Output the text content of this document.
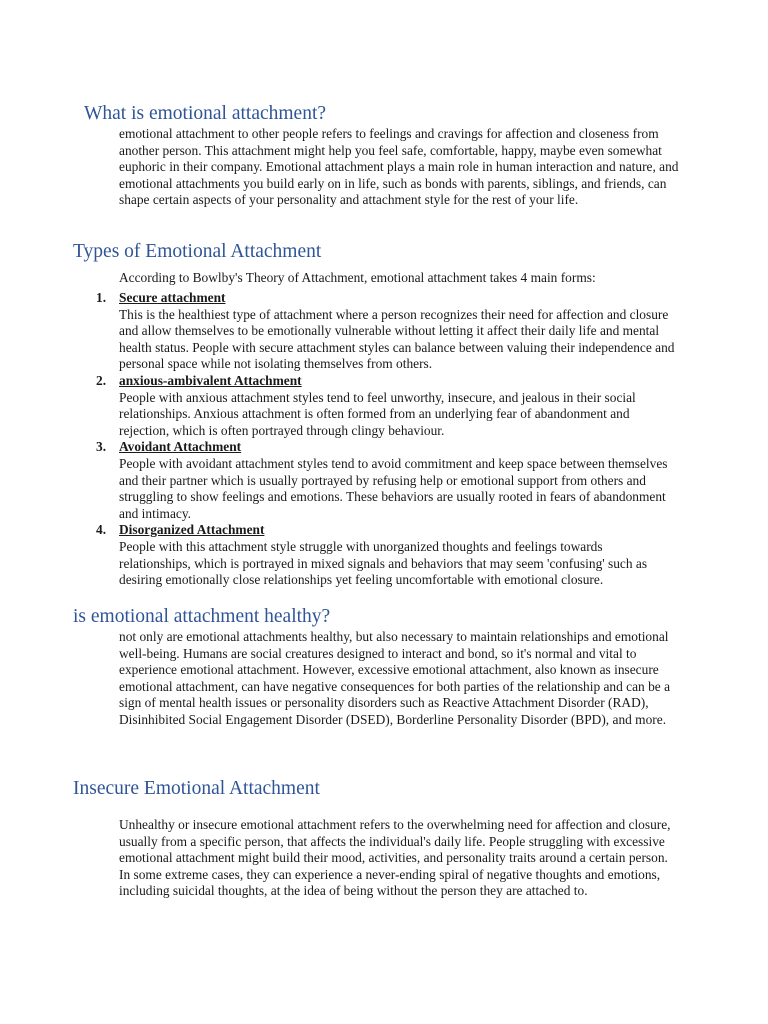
What is emotional attachment?

emotional attachment to other people refers to feelings and cravings for affection and closeness from another person. This attachment might help you feel safe, comfortable, happy, maybe even somewhat euphoric in their company. Emotional attachment plays a main role in human interaction and nature, and emotional attachments you build early on in life, such as bonds with parents, siblings, and friends, can shape certain aspects of your personality and attachment style for the rest of your life.

Types of Emotional Attachment

According to Bowlby's Theory of Attachment, emotional attachment takes 4 main forms:

1. Secure attachment
This is the healthiest type of attachment where a person recognizes their need for affection and closure and allow themselves to be emotionally vulnerable without letting it affect their daily life and mental health status. People with secure attachment styles can balance between valuing their independence and personal space while not isolating themselves from others.
2. anxious-ambivalent Attachment
People with anxious attachment styles tend to feel unworthy, insecure, and jealous in their social relationships. Anxious attachment is often formed from an underlying fear of abandonment and rejection, which is often portrayed through clingy behaviour.
3. Avoidant Attachment
People with avoidant attachment styles tend to avoid commitment and keep space between themselves and their partner which is usually portrayed by refusing help or emotional support from others and struggling to show feelings and emotions. These behaviors are usually rooted in fears of abandonment and intimacy.
4. Disorganized Attachment
People with this attachment style struggle with unorganized thoughts and feelings towards relationships, which is portrayed in mixed signals and behaviors that may seem 'confusing' such as desiring emotionally close relationships yet feeling uncomfortable with emotional closure.
is emotional attachment healthy?

not only are emotional attachments healthy, but also necessary to maintain relationships and emotional well-being. Humans are social creatures designed to interact and bond, so it's normal and vital to experience emotional attachment. However, excessive emotional attachment, also known as insecure emotional attachment, can have negative consequences for both parties of the relationship and can be a sign of mental health issues or personality disorders such as Reactive Attachment Disorder (RAD), Disinhibited Social Engagement Disorder (DSED), Borderline Personality Disorder (BPD), and more.

Insecure Emotional Attachment

Unhealthy or insecure emotional attachment refers to the overwhelming need for affection and closure, usually from a specific person, that affects the individual's daily life. People struggling with excessive emotional attachment might build their mood, activities, and personality traits around a certain person. In some extreme cases, they can experience a never-ending spiral of negative thoughts and emotions, including suicidal thoughts, at the idea of being without the person they are attached to.
